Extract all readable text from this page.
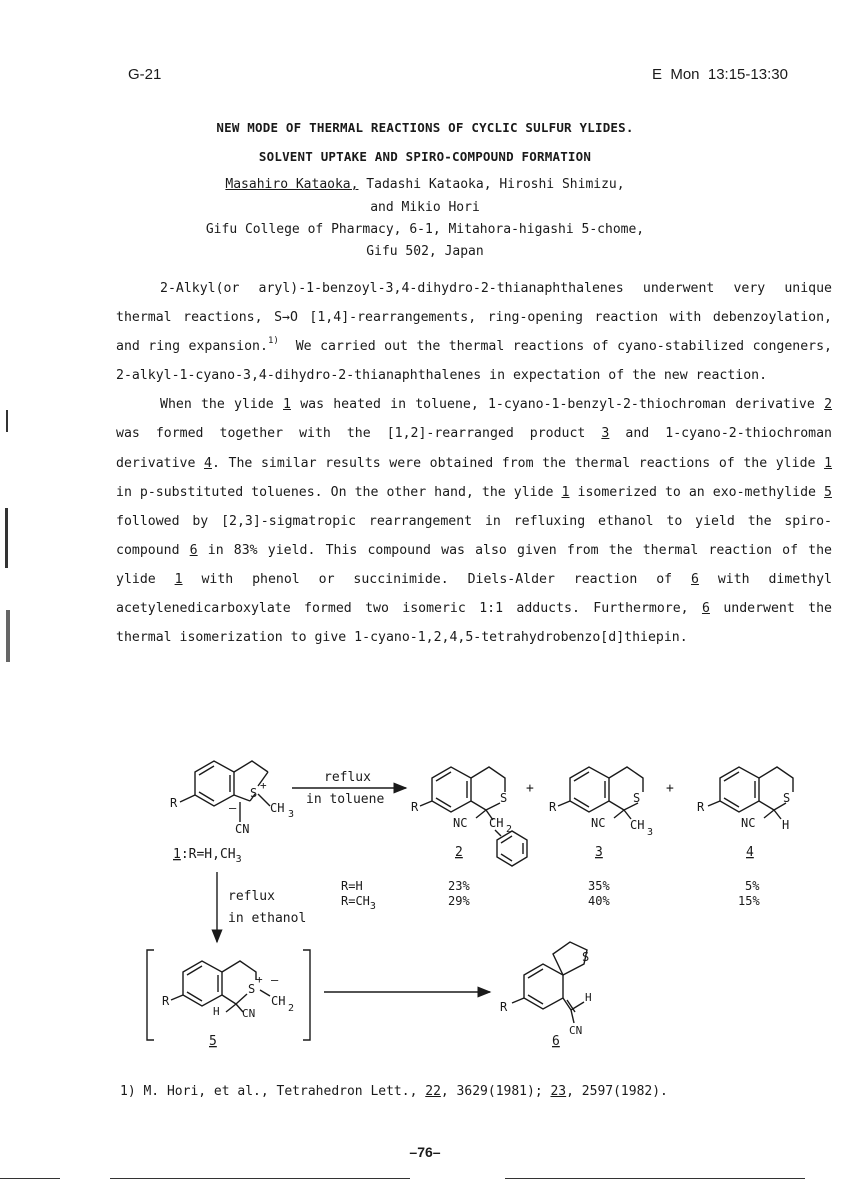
G-21	E  Mon  13:15-13:30
NEW MODE OF THERMAL REACTIONS OF CYCLIC SULFUR YLIDES.
SOLVENT UPTAKE AND SPIRO-COMPOUND FORMATION
Masahiro Kataoka, Tadashi Kataoka, Hiroshi Shimizu,
and Mikio Hori
Gifu College of Pharmacy, 6-1, Mitahora-higashi 5-chome,
Gifu 502, Japan

2-Alkyl(or aryl)-1-benzoyl-3,4-dihydro-2-thianaphthalenes underwent very unique thermal reactions, S→O [1,4]-rearrangements, ring-opening reaction with debenzoylation, and ring expansion.$^{1)}$  We carried out the thermal reactions of cyano-stabilized congeners, 2-alkyl-1-cyano-3,4-dihydro-2-thianaphthalenes in expectation of the new reaction.

When the ylide 1 was heated in toluene, 1-cyano-1-benzyl-2-thiochroman derivative 2 was formed together with the [1,2]-rearranged product 3 and 1-cyano-2-thiochroman derivative 4. The similar results were obtained from the thermal reactions of the ylide 1 in p-substituted toluenes. On the other hand, the ylide 1 isomerized to an exo-methylide 5 followed by [2,3]-sigmatropic rearrangement in refluxing ethanol to yield the spiro-compound 6 in 83% yield. This compound was also given from the thermal reaction of the ylide 1 with phenol or succinimide. Diels-Alder reaction of 6 with dimethyl acetylenedicarboxylate formed two isomeric 1:1 adducts. Furthermore, 6 underwent the thermal isomerization to give 1-cyano-1,2,4,5-tetrahydrobenzo[d]thiepin.

R
S
+
–	CH 3
CN
$1:R=H,CH_3$
reflux
in toluene R
S
NC CH 2
2
+
R
S
NC CH
3
3
+
R
S
NC H
4
R=H	23%	35%	5%
$R=CH_3$	29%	40%	15%
reflux
in ethanol
R
S
+ –
CH
2
H CN
5
R
S
H
CN
6
1) M. Hori, et al., Tetrahedron Lett., 22, 3629(1981); 23, 2597(1982).
–76–
